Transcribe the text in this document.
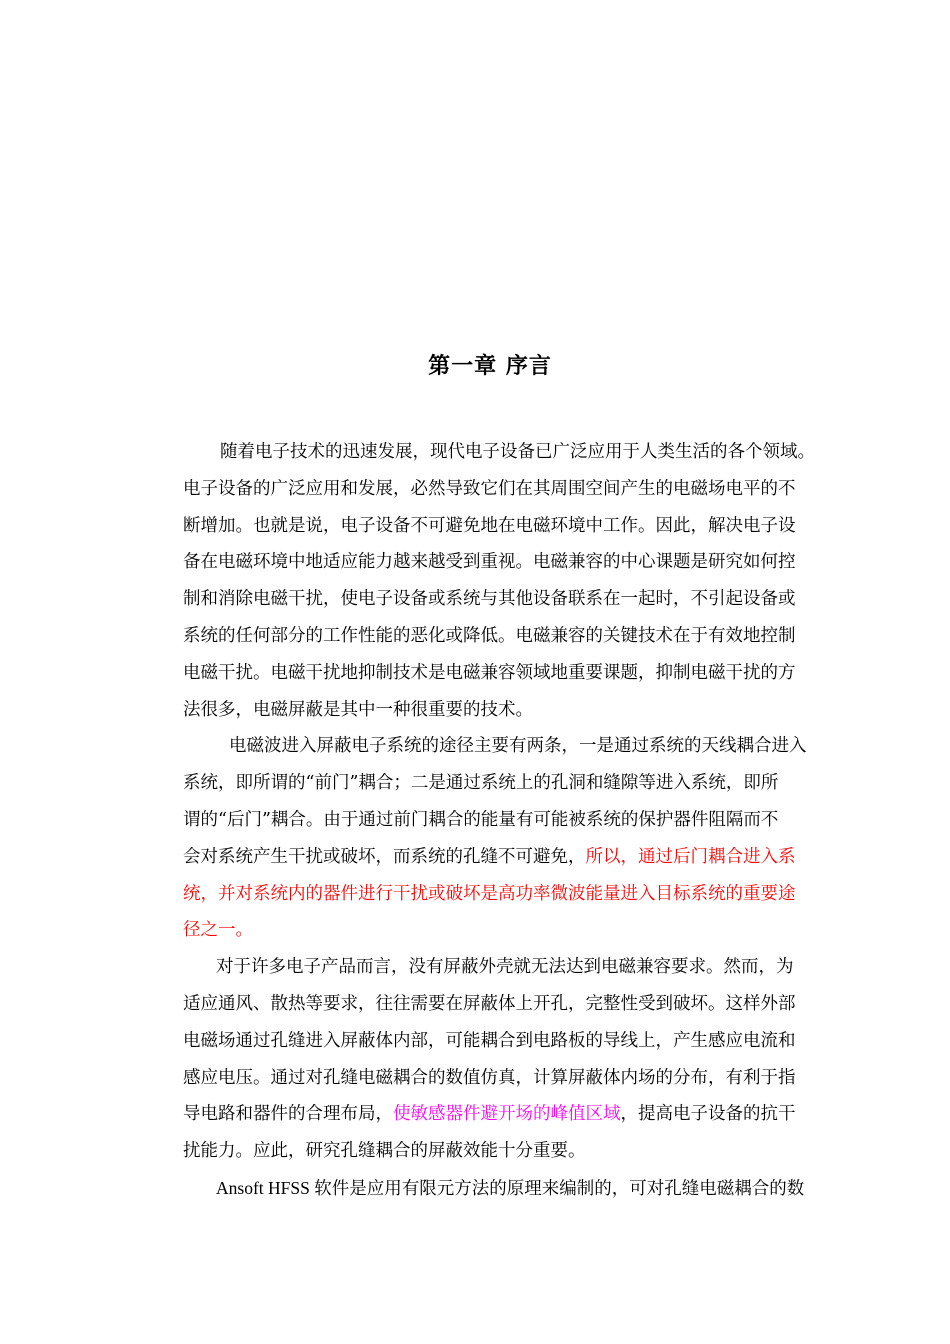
第一章 序言
随着电子技术的迅速发展，现代电子设备已广泛应用于人类生活的各个领域。
电子设备的广泛应用和发展，必然导致它们在其周围空间产生的电磁场电平的不
断增加。也就是说，电子设备不可避免地在电磁环境中工作。因此，解决电子设
备在电磁环境中地适应能力越来越受到重视。电磁兼容的中心课题是研究如何控
制和消除电磁干扰，使电子设备或系统与其他设备联系在一起时，不引起设备或
系统的任何部分的工作性能的恶化或降低。电磁兼容的关键技术在于有效地控制
电磁干扰。电磁干扰地抑制技术是电磁兼容领域地重要课题，抑制电磁干扰的方
法很多，电磁屏蔽是其中一种很重要的技术。
电磁波进入屏蔽电子系统的途径主要有两条，一是通过系统的天线耦合进入
系统，即所谓的“前门”耦合；二是通过系统上的孔洞和缝隙等进入系统，即所
谓的“后门”耦合。由于通过前门耦合的能量有可能被系统的保护器件阻隔而不
会对系统产生干扰或破坏，而系统的孔缝不可避免，所以，通过后门耦合进入系
统，并对系统内的器件进行干扰或破坏是高功率微波能量进入目标系统的重要途
径之一。
对于许多电子产品而言，没有屏蔽外壳就无法达到电磁兼容要求。然而，为
适应通风、散热等要求，往往需要在屏蔽体上开孔，完整性受到破坏。这样外部
电磁场通过孔缝进入屏蔽体内部，可能耦合到电路板的导线上，产生感应电流和
感应电压。通过对孔缝电磁耦合的数值仿真，计算屏蔽体内场的分布，有利于指
导电路和器件的合理布局，使敏感器件避开场的峰值区域，提高电子设备的抗干
扰能力。应此，研究孔缝耦合的屏蔽效能十分重要。
Ansoft HFSS 软件是应用有限元方法的原理来编制的，可对孔缝电磁耦合的数
